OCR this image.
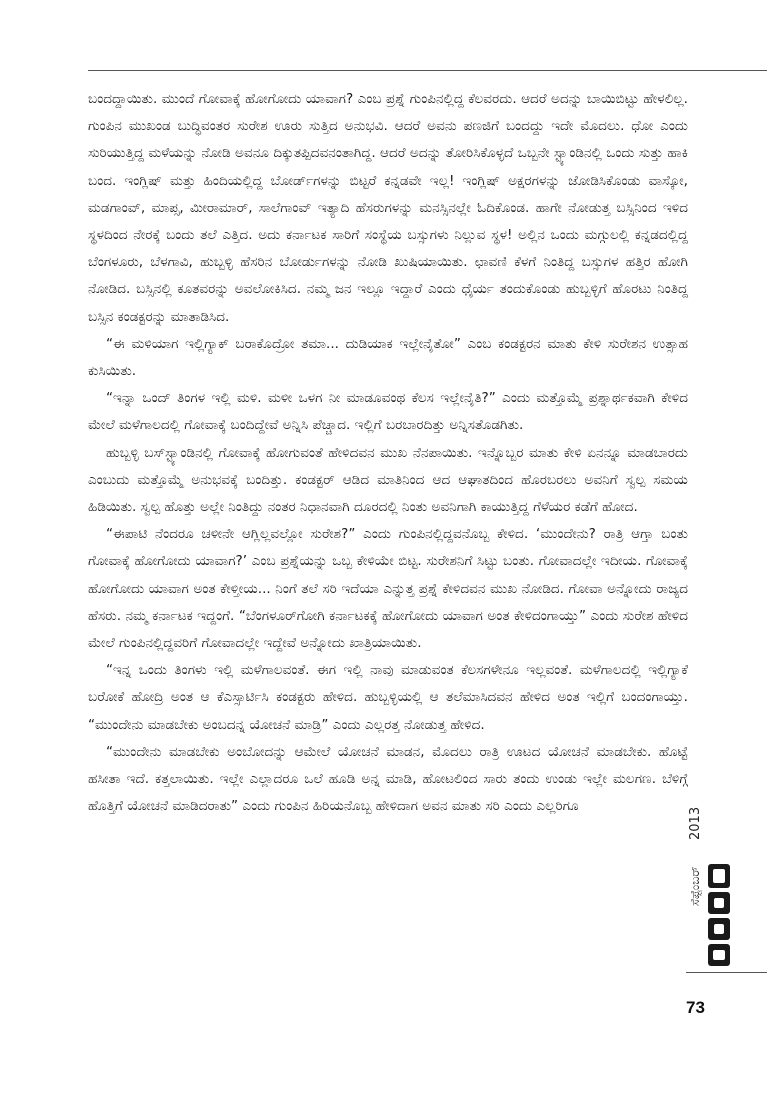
ಬಂದದ್ದಾಯಿತು. ಮುಂದೆ ಗೋವಾಕ್ಕೆ ಹೋಗೋದು ಯಾವಾಗ? ಎಂಬ ಪ್ರಶ್ನೆ ಗುಂಪಿನಲ್ಲಿದ್ದ ಕೆಲವರದು. ಆದರೆ ಅದನ್ನು ಬಾಯಿಬಿಟ್ಟು ಹೇಳಲಿಲ್ಲ. ಗುಂಪಿನ ಮುಖಂಡ ಬುದ್ಧಿವಂತರ ಸುರೇಶ ಊರು ಸುತ್ತಿದ ಅನುಭವಿ. ಆದರೆ ಅವನು ಪಣಜಿಗೆ ಬಂದದ್ದು ಇದೇ ಮೊದಲು. ಧೋ ಎಂದು ಸುರಿಯುತ್ತಿದ್ದ ಮಳೆಯನ್ನು ನೋಡಿ ಅವನೂ ದಿಕ್ಕುತಪ್ಪಿದವನಂತಾಗಿದ್ದ. ಆದರೆ ಅದನ್ನು ತೋರಿಸಿಕೊಳ್ಳದೆ ಒಬ್ಬನೇ ಸ್ಟ್ಯಾಂಡಿನಲ್ಲಿ ಒಂದು ಸುತ್ತು ಹಾಕಿ ಬಂದ. ಇಂಗ್ಲಿಷ್ ಮತ್ತು ಹಿಂದಿಯಲ್ಲಿದ್ದ ಬೋರ್ಡ್‌ಗಳನ್ನು ಬಿಟ್ಟರೆ ಕನ್ನಡವೇ ಇಲ್ಲ! ಇಂಗ್ಲಿಷ್ ಅಕ್ಷರಗಳನ್ನು ಜೋಡಿಸಿಕೊಂಡು ವಾಸ್ಕೋ, ಮಡಗಾಂವ್, ಮಾಪ್ಸ, ಮೀರಾಮಾರ್, ಸಾಲೆಗಾಂವ್ ಇತ್ಯಾದಿ ಹೆಸರುಗಳನ್ನು ಮನಸ್ಸಿನಲ್ಲೇ ಓದಿಕೊಂಡ. ಹಾಗೇ ನೋಡುತ್ತ ಬಸ್ಸಿನಿಂದ ಇಳಿದ ಸ್ಥಳದಿಂದ ನೇರಕ್ಕೆ ಬಂದು ತಲೆ ಎತ್ತಿದ. ಅದು ಕರ್ನಾಟಕ ಸಾರಿಗೆ ಸಂಸ್ಥೆಯ ಬಸ್ಸುಗಳು ನಿಲ್ಲುವ ಸ್ಥಳ! ಅಲ್ಲಿನ ಒಂದು ಮಗ್ಗುಲಲ್ಲಿ ಕನ್ನಡದಲ್ಲಿದ್ದ ಬೆಂಗಳೂರು, ಬೆಳಗಾವಿ, ಹುಬ್ಬಳ್ಳಿ ಹೆಸರಿನ ಬೋರ್ಡುಗಳನ್ನು ನೋಡಿ ಖುಷಿಯಾಯಿತು. ಛಾವಣಿ ಕೆಳಗೆ ನಿಂತಿದ್ದ ಬಸ್ಸುಗಳ ಹತ್ತಿರ ಹೋಗಿ ನೋಡಿದ. ಬಸ್ಸಿನಲ್ಲಿ ಕೂತವರನ್ನು ಅವಲೋಕಿಸಿದ. ನಮ್ಮ ಜನ ಇಲ್ಲೂ ಇದ್ದಾರೆ ಎಂದು ಧೈರ್ಯ ತಂದುಕೊಂಡು ಹುಬ್ಬಳ್ಳಿಗೆ ಹೊರಟು ನಿಂತಿದ್ದ ಬಸ್ಸಿನ ಕಂಡಕ್ಟರನ್ನು ಮಾತಾಡಿಸಿದ.

“ಈ ಮಳಿಯಾಗ ಇಲ್ಲಿಗ್ಯಾಕ್ ಬರಾಕೊದ್ರೋ ತಮಾ... ದುಡಿಯಾಕ ಇಲ್ಲೇನೈತೋ” ಎಂಬ ಕಂಡಕ್ಟರನ ಮಾತು ಕೇಳಿ ಸುರೇಶನ ಉತ್ಸಾಹ ಕುಸಿಯಿತು.

“ಇನ್ನಾ ಒಂದ್ ತಿಂಗಳ ಇಲ್ಲಿ ಮಳಿ. ಮಳೀ ಒಳಗ ನೀ ಮಾಡೂವಂಥ ಕೆಲಸ ಇಲ್ಲೇನೈತಿ?” ಎಂದು ಮತ್ತೊಮ್ಮೆ ಪ್ರಶ್ನಾರ್ಥಕವಾಗಿ ಕೇಳಿದ ಮೇಲೆ ಮಳೆಗಾಲದಲ್ಲಿ ಗೋವಾಕ್ಕೆ ಬಂದಿದ್ದೇವೆ ಅನ್ನಿಸಿ ಪೆಚ್ಚಾದ. ಇಲ್ಲಿಗೆ ಬರಬಾರದಿತ್ತು ಅನ್ನಿಸತೊಡಗಿತು.

ಹುಬ್ಬಳ್ಳಿ ಬಸ್‌ಸ್ಟ್ಯಾಂಡಿನಲ್ಲಿ ಗೋವಾಕ್ಕೆ ಹೋಗುವಂತೆ ಹೇಳಿದವನ ಮುಖ ನೆನಪಾಯಿತು. ಇನ್ನೊಬ್ಬರ ಮಾತು ಕೇಳಿ ಏನನ್ನೂ ಮಾಡಬಾರದು ಎಂಬುದು ಮತ್ತೊಮ್ಮೆ ಅನುಭವಕ್ಕೆ ಬಂದಿತ್ತು. ಕಂಡಕ್ಟರ್ ಆಡಿದ ಮಾತಿನಿಂದ ಆದ ಆಘಾತದಿಂದ ಹೊರಬರಲು ಅವನಿಗೆ ಸ್ವಲ್ಪ ಸಮಯ ಹಿಡಿಯಿತು. ಸ್ವಲ್ಪ ಹೊತ್ತು ಅಲ್ಲೇ ನಿಂತಿದ್ದು ನಂತರ ನಿಧಾನವಾಗಿ ದೂರದಲ್ಲಿ ನಿಂತು ಅವನಿಗಾಗಿ ಕಾಯುತ್ತಿದ್ದ ಗೆಳೆಯರ ಕಡೆಗೆ ಹೋದ.

“ಈಪಾಟಿ ನೆಂದರೂ ಚಳೀನೇ ಆಗ್ಲಿಲ್ಲವಲ್ಲೋ ಸುರೇಶ?” ಎಂದು ಗುಂಪಿನಲ್ಲಿದ್ದವನೊಬ್ಬ ಕೇಳಿದ. ‘ಮುಂದೇನು? ರಾತ್ರಿ ಆಗ್ತಾ ಬಂತು ಗೋವಾಕ್ಕೆ ಹೋಗೋದು ಯಾವಾಗ?’ ಎಂಬ ಪ್ರಶ್ನೆಯನ್ನು ಒಬ್ಬ ಕೇಳಿಯೇ ಬಿಟ್ಟ. ಸುರೇಶನಿಗೆ ಸಿಟ್ಟು ಬಂತು. ಗೋವಾದಲ್ಲೇ ಇದೀಯ. ಗೋವಾಕ್ಕೆ ಹೋಗೋದು ಯಾವಾಗ ಅಂತ ಕೇಳ್ತೀಯ... ನಿಂಗೆ ತಲೆ ಸರಿ ಇದೆಯಾ ಎನ್ನುತ್ತ ಪ್ರಶ್ನೆ ಕೇಳಿದವನ ಮುಖ ನೋಡಿದ. ಗೋವಾ ಅನ್ನೋದು ರಾಜ್ಯದ ಹೆಸರು. ನಮ್ಮ ಕರ್ನಾಟಕ ಇದ್ದಂಗೆ. “ಬೆಂಗಳೂರ್‌ಗೋಗಿ ಕರ್ನಾಟಕಕ್ಕೆ ಹೋಗೋದು ಯಾವಾಗ ಅಂತ ಕೇಳಿದಂಗಾಯ್ತು” ಎಂದು ಸುರೇಶ ಹೇಳಿದ ಮೇಲೆ ಗುಂಪಿನಲ್ಲಿದ್ದವರಿಗೆ ಗೋವಾದಲ್ಲೇ ಇದ್ದೇವೆ ಅನ್ನೋದು ಖಾತ್ರಿಯಾಯಿತು.

“ಇನ್ನ ಒಂದು ತಿಂಗಳು ಇಲ್ಲಿ ಮಳೆಗಾಲವಂತೆ. ಈಗ ಇಲ್ಲಿ ನಾವು ಮಾಡುವಂತ ಕೆಲಸಗಳೇನೂ ಇಲ್ಲವಂತೆ. ಮಳೆಗಾಲದಲ್ಲಿ ಇಲ್ಲಿಗ್ಯಾಕೆ ಬರೋಕೆ ಹೋದ್ರಿ ಅಂತ ಆ ಕೆಎಸ್ಸಾರ್ಟಿಸಿ ಕಂಡಕ್ಟರು ಹೇಳಿದ. ಹುಬ್ಬಳ್ಳಿಯಲ್ಲಿ ಆ ತಲೆಮಾಸಿದವನ ಹೇಳಿದ ಅಂತ ಇಲ್ಲಿಗೆ ಬಂದಂಗಾಯ್ತು. “ಮುಂದೇನು ಮಾಡಬೇಕು ಅಂಬದನ್ನ ಯೋಚನೆ ಮಾಡ್ರಿ” ಎಂದು ಎಲ್ಲರತ್ತ ನೋಡುತ್ತ ಹೇಳಿದ.

“ಮುಂದೇನು ಮಾಡಬೇಕು ಅಂಬೋದನ್ನು ಆಮೇಲೆ ಯೋಚನೆ ಮಾಡನ, ಮೊದಲು ರಾತ್ರಿ ಊಟದ ಯೋಚನೆ ಮಾಡಬೇಕು. ಹೊಟ್ಟೆ ಹಸೀತಾ ಇದೆ. ಕತ್ತಲಾಯಿತು. ಇಲ್ಲೇ ಎಲ್ಲಾದರೂ ಒಲೆ ಹೂಡಿ ಅನ್ನ ಮಾಡಿ, ಹೋಟಲಿಂದ ಸಾರು ತಂದು ಉಂಡು ಇಲ್ಲೇ ಮಲಗಣ. ಬೆಳಿಗ್ಗೆ ಹೊತ್ತಿಗೆ ಯೋಚನೆ ಮಾಡಿದರಾತು” ಎಂದು ಗುಂಪಿನ ಹಿರಿಯನೊಬ್ಬ ಹೇಳಿದಾಗ ಅವನ ಮಾತು ಸರಿ ಎಂದು ಎಲ್ಲರಿಗೂ

2013
ಸೆಪ್ಟೆಂಬರ್
73
